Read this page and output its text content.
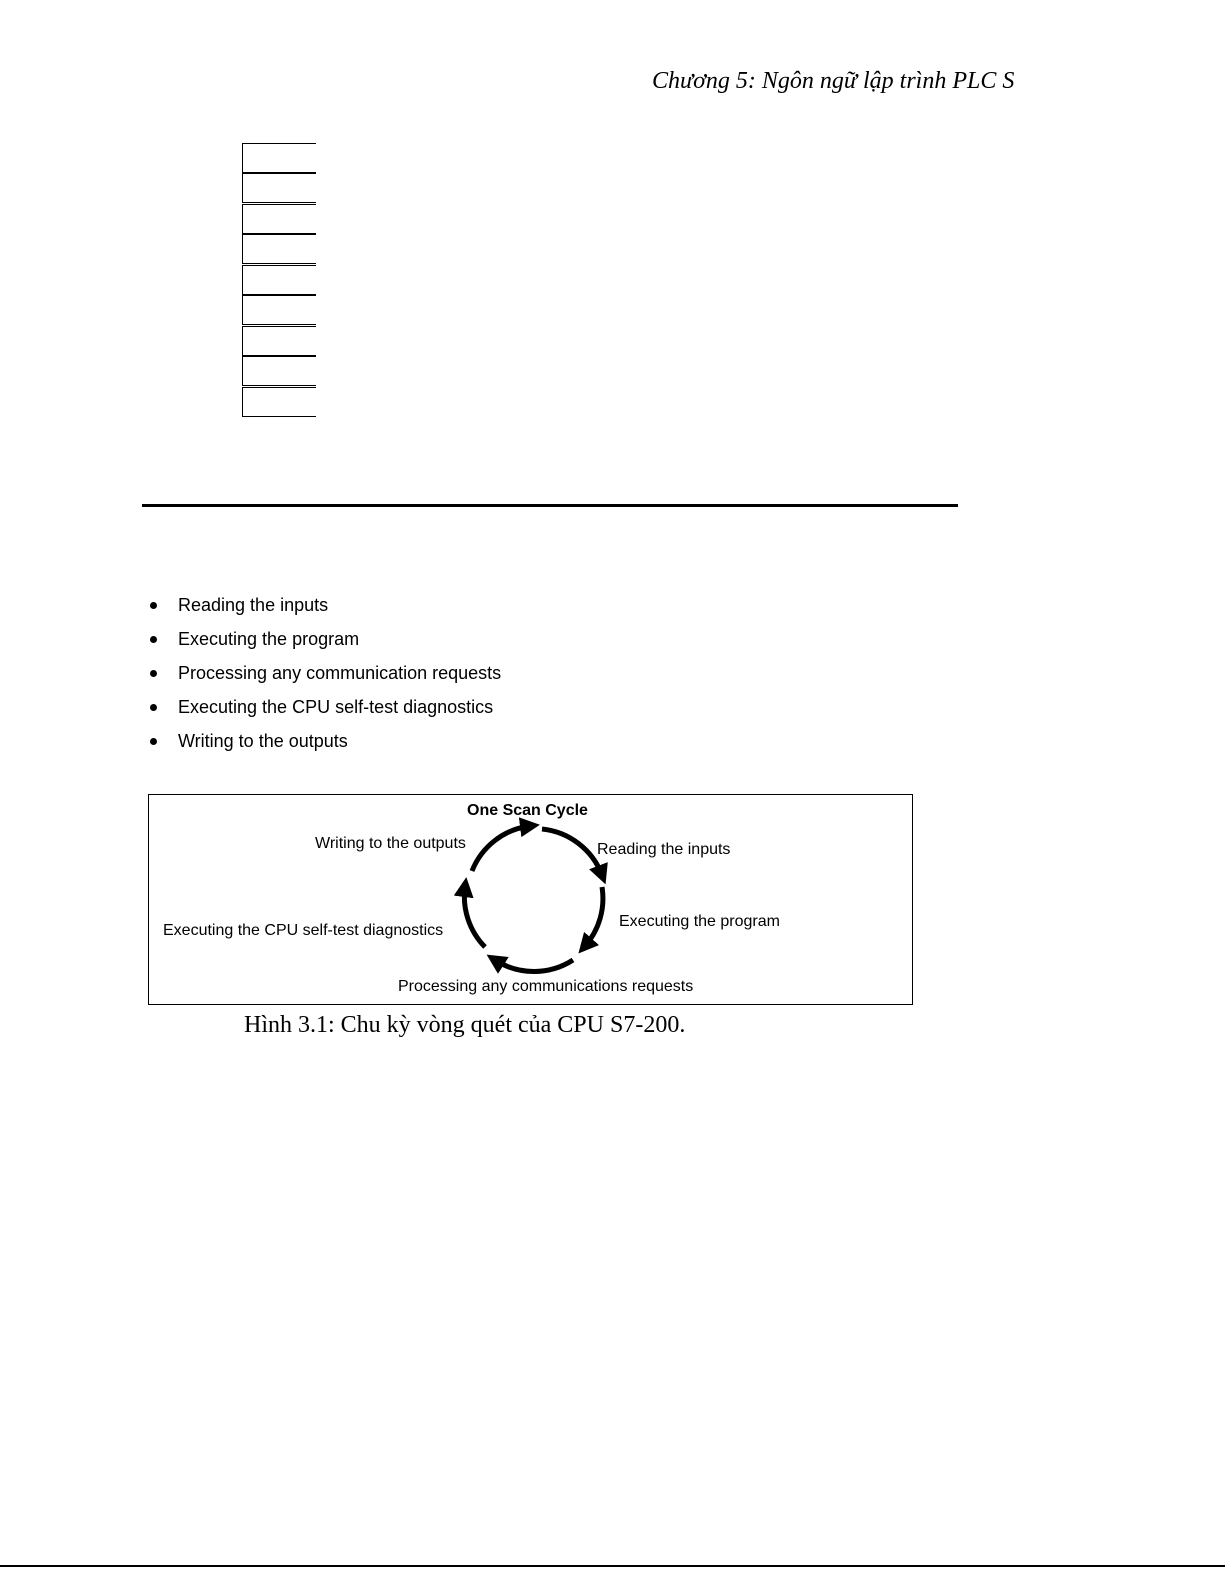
Chương 5: Ngôn ngữ lập trình PLC S
Reading the inputs
Executing the program
Processing any communication requests
Executing the CPU self-test diagnostics
Writing to the outputs
One Scan Cycle
Writing to the outputs	Reading the inputs
Executing the program
Executing the CPU self-test diagnostics
Processing any communications requests
Hình 3.1: Chu kỳ vòng quét của CPU S7-200.
